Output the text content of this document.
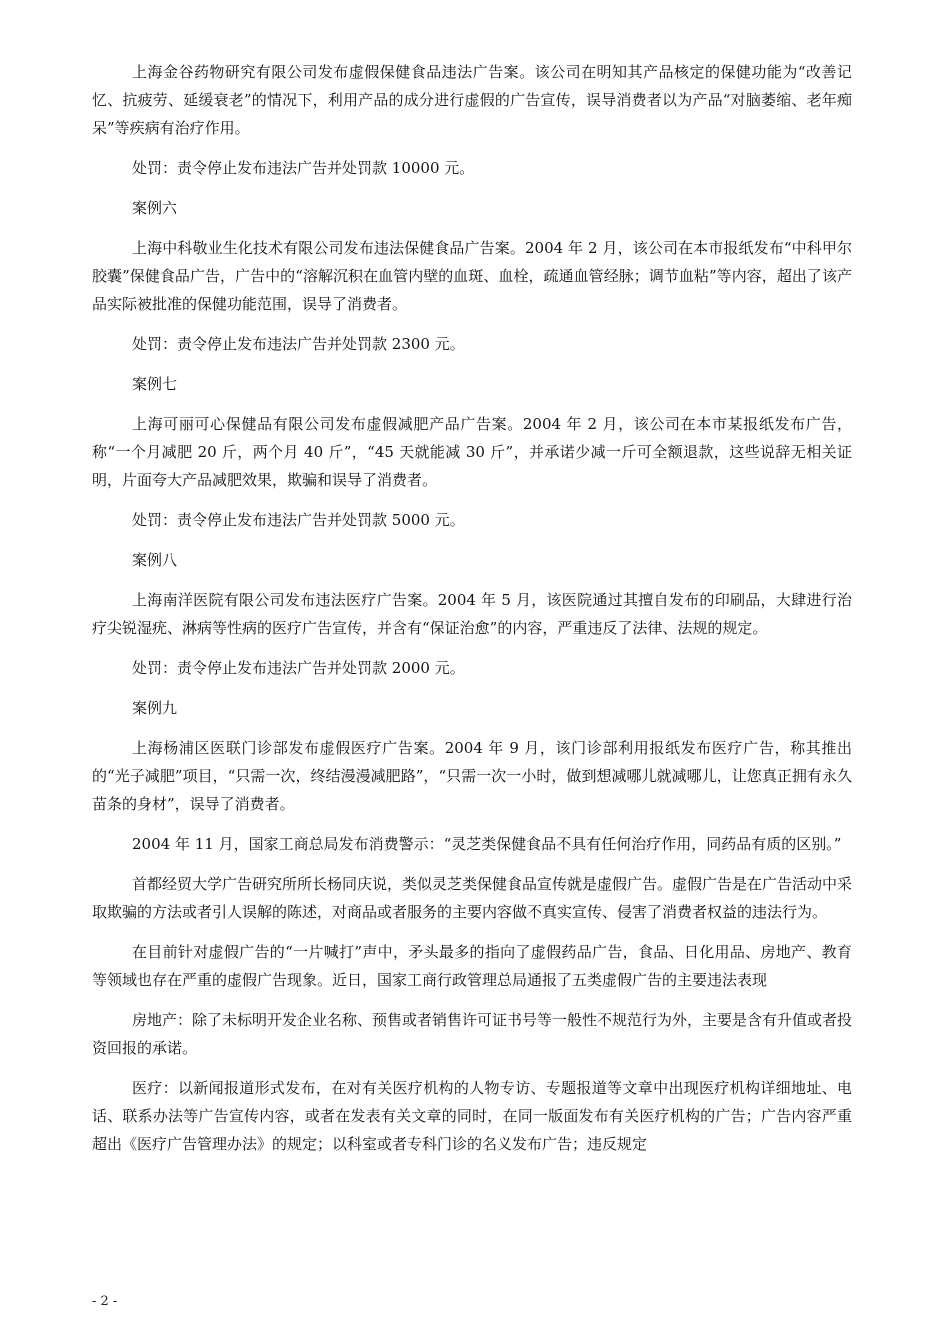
上海金谷药物研究有限公司发布虚假保健食品违法广告案。该公司在明知其产品核定的保健功能为“改善记忆、抗疲劳、延缓衰老”的情况下，利用产品的成分进行虚假的广告宣传，误导消费者以为产品“对脑萎缩、老年痴呆”等疾病有治疗作用。

处罚：责令停止发布违法广告并处罚款 10000 元。

案例六

上海中科敬业生化技术有限公司发布违法保健食品广告案。2004 年 2 月，该公司在本市报纸发布“中科甲尔胶囊”保健食品广告，广告中的“溶解沉积在血管内壁的血斑、血栓，疏通血管经脉；调节血粘”等内容，超出了该产品实际被批准的保健功能范围，误导了消费者。

处罚：责令停止发布违法广告并处罚款 2300 元。

案例七

上海可丽可心保健品有限公司发布虚假减肥产品广告案。2004 年 2 月，该公司在本市某报纸发布广告，称“一个月减肥 20 斤，两个月 40 斤”，“45 天就能减 30 斤”，并承诺少减一斤可全额退款，这些说辞无相关证明，片面夸大产品减肥效果，欺骗和误导了消费者。

处罚：责令停止发布违法广告并处罚款 5000 元。

案例八

上海南洋医院有限公司发布违法医疗广告案。2004 年 5 月，该医院通过其擅自发布的印刷品，大肆进行治疗尖锐湿疣、淋病等性病的医疗广告宣传，并含有“保证治愈”的内容，严重违反了法律、法规的规定。

处罚：责令停止发布违法广告并处罚款 2000 元。

案例九

上海杨浦区医联门诊部发布虚假医疗广告案。2004 年 9 月，该门诊部利用报纸发布医疗广告，称其推出的“光子减肥”项目，“只需一次，终结漫漫减肥路”，“只需一次一小时，做到想减哪儿就减哪儿，让您真正拥有永久苗条的身材”，误导了消费者。

2004 年 11 月，国家工商总局发布消费警示：“灵芝类保健食品不具有任何治疗作用，同药品有质的区别。”

首都经贸大学广告研究所所长杨同庆说，类似灵芝类保健食品宣传就是虚假广告。虚假广告是在广告活动中采取欺骗的方法或者引人误解的陈述，对商品或者服务的主要内容做不真实宣传、侵害了消费者权益的违法行为。

在目前针对虚假广告的“一片喊打”声中，矛头最多的指向了虚假药品广告，食品、日化用品、房地产、教育等领域也存在严重的虚假广告现象。近日，国家工商行政管理总局通报了五类虚假广告的主要违法表现

房地产：除了未标明开发企业名称、预售或者销售许可证书号等一般性不规范行为外，主要是含有升值或者投资回报的承诺。

医疗：以新闻报道形式发布，在对有关医疗机构的人物专访、专题报道等文章中出现医疗机构详细地址、电话、联系办法等广告宣传内容，或者在发表有关文章的同时，在同一版面发布有关医疗机构的广告；广告内容严重超出《医疗广告管理办法》的规定；以科室或者专科门诊的名义发布广告；违反规定

- 2 -
